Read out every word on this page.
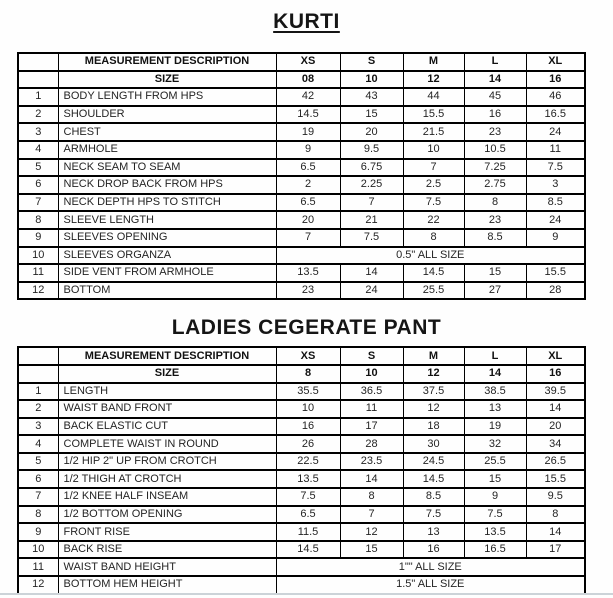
KURTI
	MEASUREMENT DESCRIPTION	XS	S	M	L	XL
	SIZE	08	10	12	14	16
1	BODY LENGTH FROM HPS	42	43	44	45	46
2	SHOULDER	14.5	15	15.5	16	16.5
3	CHEST	19	20	21.5	23	24
4	ARMHOLE	9	9.5	10	10.5	11
5	NECK SEAM TO SEAM	6.5	6.75	7	7.25	7.5
6	NECK DROP BACK FROM HPS	2	2.25	2.5	2.75	3
7	NECK DEPTH HPS TO STITCH	6.5	7	7.5	8	8.5
8	SLEEVE LENGTH	20	21	22	23	24
9	SLEEVES OPENING	7	7.5	8	8.5	9
10	SLEEVES ORGANZA	0.5" ALL SIZE				
11	SIDE VENT FROM ARMHOLE	13.5	14	14.5	15	15.5
12	BOTTOM	23	24	25.5	27	28
LADIES CEGERATE PANT
	MEASUREMENT DESCRIPTION	XS	S	M	L	XL
	SIZE	8	10	12	14	16
1	LENGTH	35.5	36.5	37.5	38.5	39.5
2	WAIST BAND FRONT	10	11	12	13	14
3	BACK ELASTIC CUT	16	17	18	19	20
4	COMPLETE WAIST IN ROUND	26	28	30	32	34
5	1/2 HIP 2" UP FROM CROTCH	22.5	23.5	24.5	25.5	26.5
6	1/2 THIGH AT CROTCH	13.5	14	14.5	15	15.5
7	1/2 KNEE HALF INSEAM	7.5	8	8.5	9	9.5
8	1/2 BOTTOM OPENING	6.5	7	7.5	7.5	8
9	FRONT RISE	11.5	12	13	13.5	14
10	BACK RISE	14.5	15	16	16.5	17
11	WAIST BAND HEIGHT	1"" ALL SIZE				
12	BOTTOM HEM HEIGHT	1.5" ALL SIZE				
